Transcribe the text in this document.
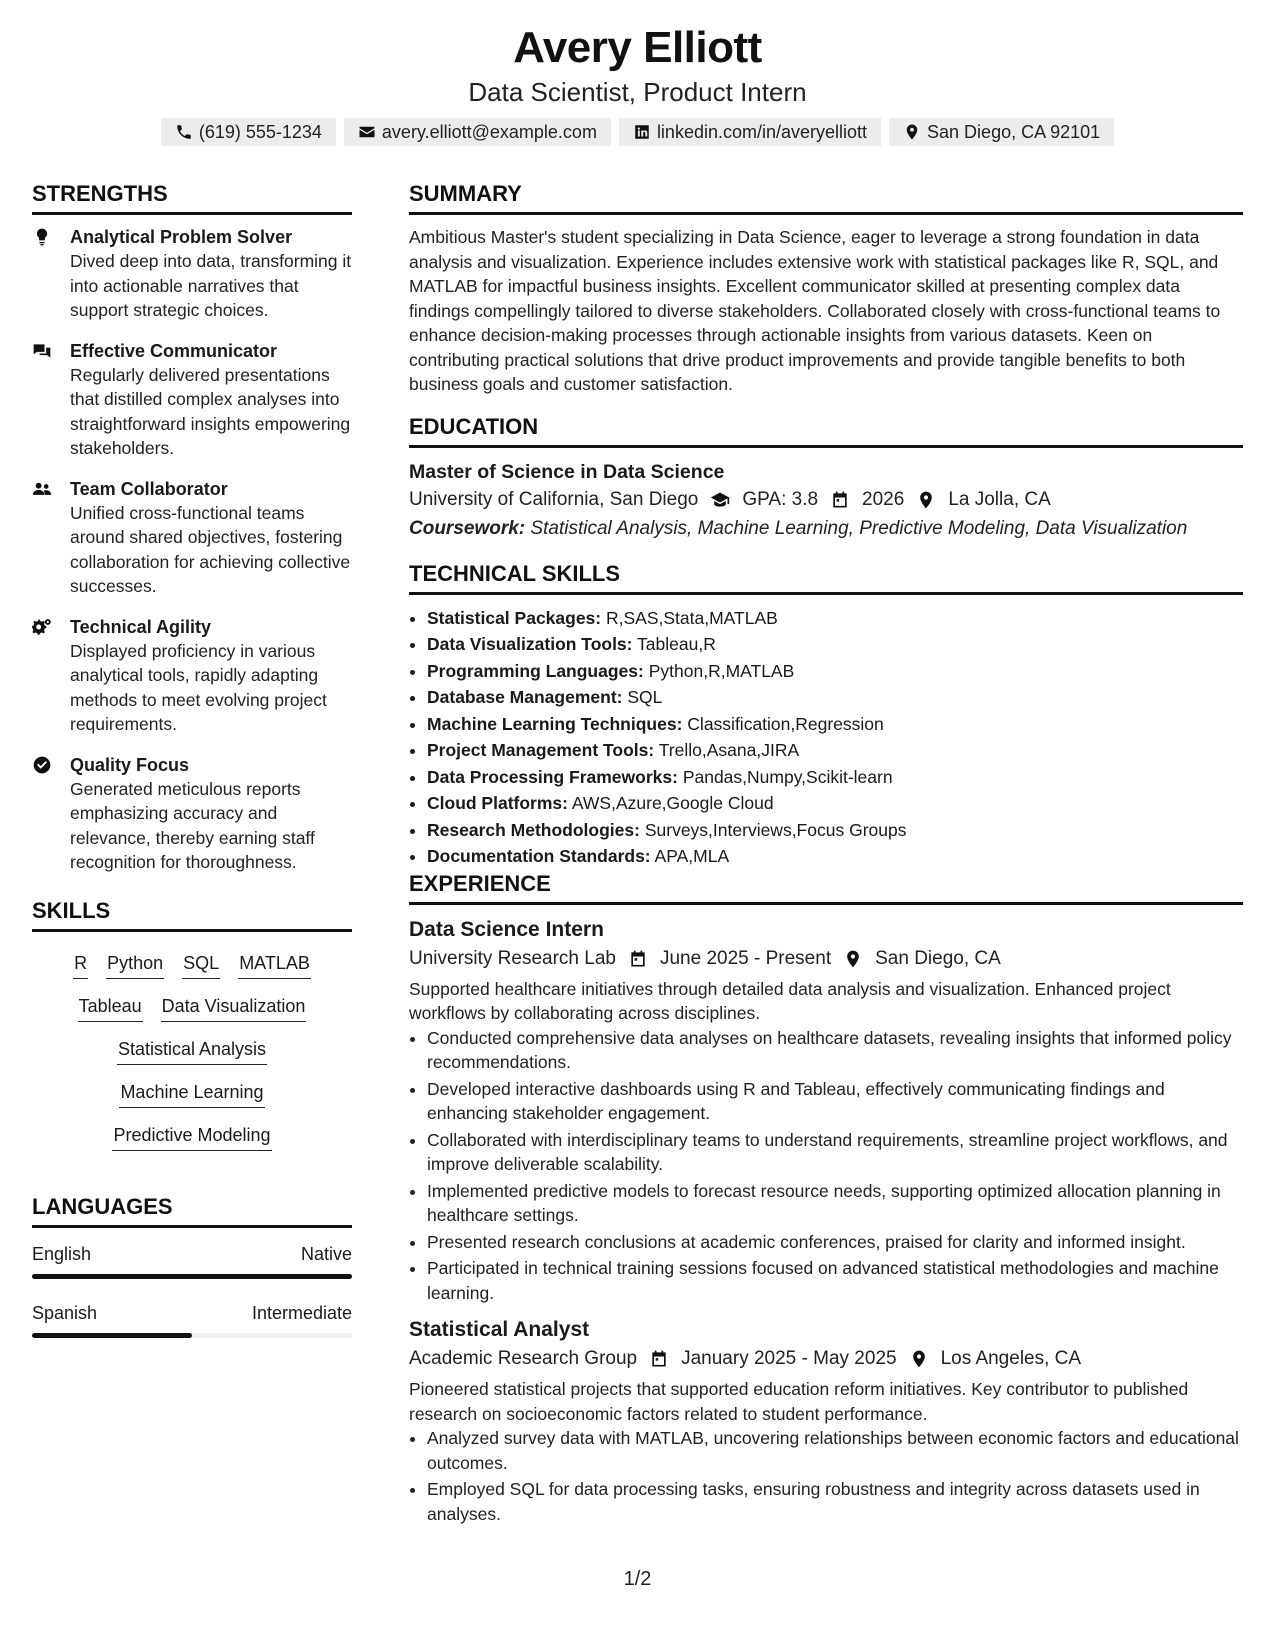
Avery Elliott
Data Scientist, Product Intern
(619) 555-1234	avery.elliott@example.com	linkedin.com/in/averyelliott	San Diego, CA 92101
STRENGTHS
Analytical Problem Solver
Dived deep into data, transforming it into actionable narratives that support strategic choices.
Effective Communicator
Regularly delivered presentations that distilled complex analyses into straightforward insights empowering stakeholders.
Team Collaborator
Unified cross-functional teams around shared objectives, fostering collaboration for achieving collective successes.
Technical Agility
Displayed proficiency in various analytical tools, rapidly adapting methods to meet evolving project requirements.
Quality Focus
Generated meticulous reports emphasizing accuracy and relevance, thereby earning staff recognition for thoroughness.
SKILLS
R Python SQL MATLAB
Tableau Data Visualization
Statistical Analysis
Machine Learning
Predictive Modeling
LANGUAGES
English	Native
Spanish	Intermediate
SUMMARY
Ambitious Master's student specializing in Data Science, eager to leverage a strong foundation in data analysis and visualization. Experience includes extensive work with statistical packages like R, SQL, and MATLAB for impactful business insights. Excellent communicator skilled at presenting complex data findings compellingly tailored to diverse stakeholders. Collaborated closely with cross-functional teams to enhance decision-making processes through actionable insights from various datasets. Keen on contributing practical solutions that drive product improvements and provide tangible benefits to both business goals and customer satisfaction.
EDUCATION
Master of Science in Data Science
University of California, San Diego GPA: 3.8 2026 La Jolla, CA
Coursework: Statistical Analysis, Machine Learning, Predictive Modeling, Data Visualization
TECHNICAL SKILLS
• Statistical Packages: R,SAS,Stata,MATLAB
• Data Visualization Tools: Tableau,R
• Programming Languages: Python,R,MATLAB
• Database Management: SQL
• Machine Learning Techniques: Classification,Regression
• Project Management Tools: Trello,Asana,JIRA
• Data Processing Frameworks: Pandas,Numpy,Scikit-learn
• Cloud Platforms: AWS,Azure,Google Cloud
• Research Methodologies: Surveys,Interviews,Focus Groups
• Documentation Standards: APA,MLA
EXPERIENCE
Data Science Intern
University Research Lab June 2025 - Present San Diego, CA
Supported healthcare initiatives through detailed data analysis and visualization. Enhanced project workflows by collaborating across disciplines.
• Conducted comprehensive data analyses on healthcare datasets, revealing insights that informed policy recommendations.
• Developed interactive dashboards using R and Tableau, effectively communicating findings and enhancing stakeholder engagement.
• Collaborated with interdisciplinary teams to understand requirements, streamline project workflows, and improve deliverable scalability.
• Implemented predictive models to forecast resource needs, supporting optimized allocation planning in healthcare settings.
• Presented research conclusions at academic conferences, praised for clarity and informed insight.
• Participated in technical training sessions focused on advanced statistical methodologies and machine learning.
Statistical Analyst
Academic Research Group January 2025 - May 2025 Los Angeles, CA
Pioneered statistical projects that supported education reform initiatives. Key contributor to published research on socioeconomic factors related to student performance.
• Analyzed survey data with MATLAB, uncovering relationships between economic factors and educational outcomes.
• Employed SQL for data processing tasks, ensuring robustness and integrity across datasets used in analyses.
1/2
